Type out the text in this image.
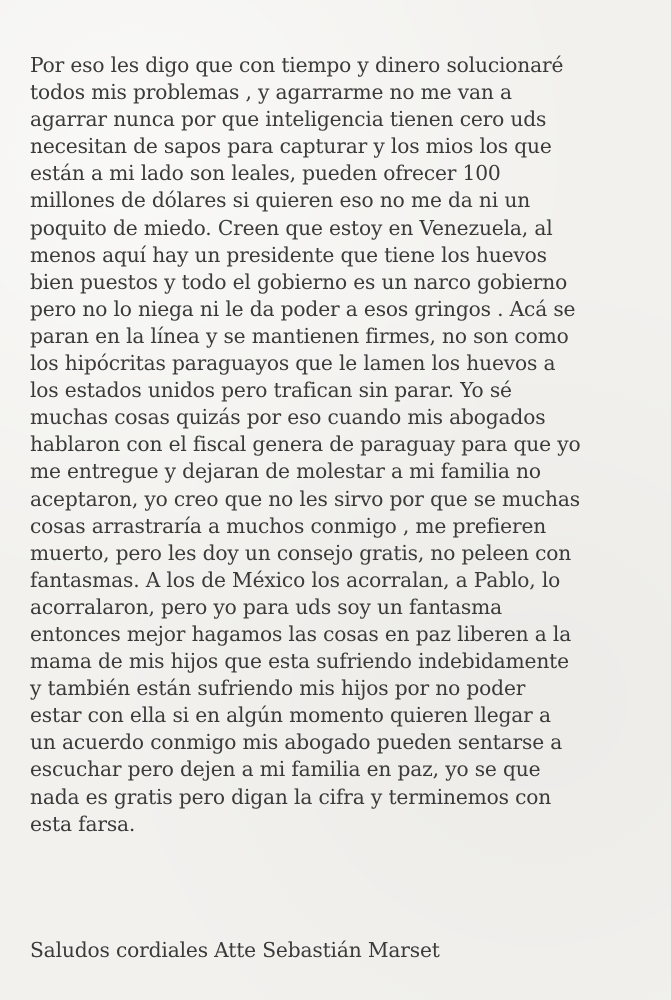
Por eso les digo que con tiempo y dinero solucionaré
todos mis problemas , y agarrarme no me van a
agarrar nunca por que inteligencia tienen cero uds
necesitan de sapos para capturar y los mios los que
están a mi lado son leales, pueden ofrecer 100
millones de dólares si quieren eso no me da ni un
poquito de miedo. Creen que estoy en Venezuela, al
menos aquí hay un presidente que tiene los huevos
bien puestos y todo el gobierno es un narco gobierno
pero no lo niega ni le da poder a esos gringos . Acá se
paran en la línea y se mantienen firmes, no son como
los hipócritas paraguayos que le lamen los huevos a
los estados unidos pero trafican sin parar. Yo sé
muchas cosas quizás por eso cuando mis abogados
hablaron con el fiscal genera de paraguay para que yo
me entregue y dejaran de molestar a mi familia no
aceptaron, yo creo que no les sirvo por que se muchas
cosas arrastraría a muchos conmigo , me prefieren
muerto, pero les doy un consejo gratis, no peleen con
fantasmas. A los de México los acorralan, a Pablo, lo
acorralaron, pero yo para uds soy un fantasma
entonces mejor hagamos las cosas en paz liberen a la
mama de mis hijos que esta sufriendo indebidamente
y también están sufriendo mis hijos por no poder
estar con ella si en algún momento quieren llegar a
un acuerdo conmigo mis abogado pueden sentarse a
escuchar pero dejen a mi familia en paz, yo se que
nada es gratis pero digan la cifra y terminemos con
esta farsa.

Saludos cordiales Atte Sebastián Marset
